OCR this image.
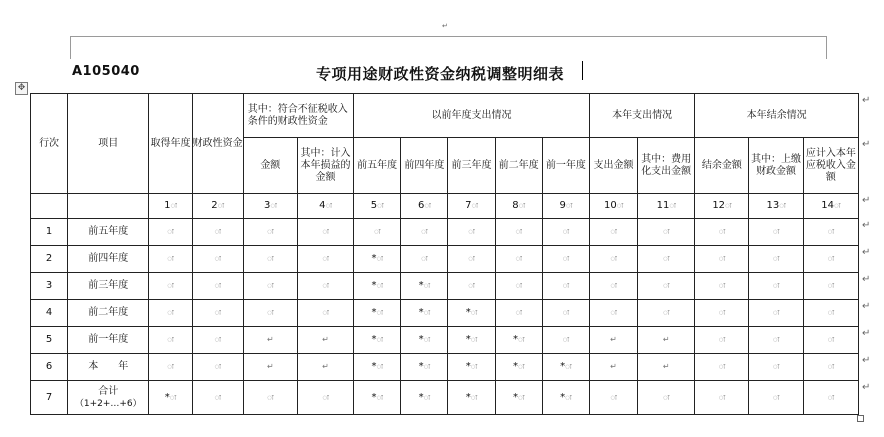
↵
A105040	专项用途财政性资金纳税调整明细表
✥
行次	项目	取得年度	财政性资金	其中：符合不征税收入条件的财政性资金		以前年度支出情况					本年支出情况		本年结余情况		
				金额	其中：计入本年损益的金额	前五年度	前四年度	前三年度	前二年度	前一年度	支出金额	其中：费用化支出金额	结余金额	其中：上缴财政金额	应计入本年应税收入金额
		1ः	2ः	3ः	4ः	5ः	6ः	7ः	8ः	9ः	10ः	11ः	12ः	13ः	14ः
1	前五年度	ः	ः	ः	ः	ः	ः	ः	ः	ः	ः	ः	ः	ः	ः
2	前四年度	ः	ः	ः	ः	*ः	ः	ः	ः	ः	ः	ः	ः	ः	ः
3	前三年度	ः	ः	ः	ः	*ः	*ः	ः	ः	ः	ः	ः	ः	ः	ः
4	前二年度	ः	ः	ः	ः	*ः	*ः	*ः	ः	ः	ः	ः	ः	ः	ः
5	前一年度	ः	ः	↵	↵	*ः	*ः	*ः	*ः	ः	↵	↵	ः	ः	ः
6	本　　年	ः	ः	↵	↵	*ः	*ः	*ः	*ः	*ः	↵	↵	ः	ः	ः
7	合计
（1+2+…+6）	*ः	ः	ः	ः	*ः	*ः	*ः	*ः	*ः	ः	ः	ः	ः	ः
↵
↵
↵
↵
↵
↵
↵
↵
↵
↵
